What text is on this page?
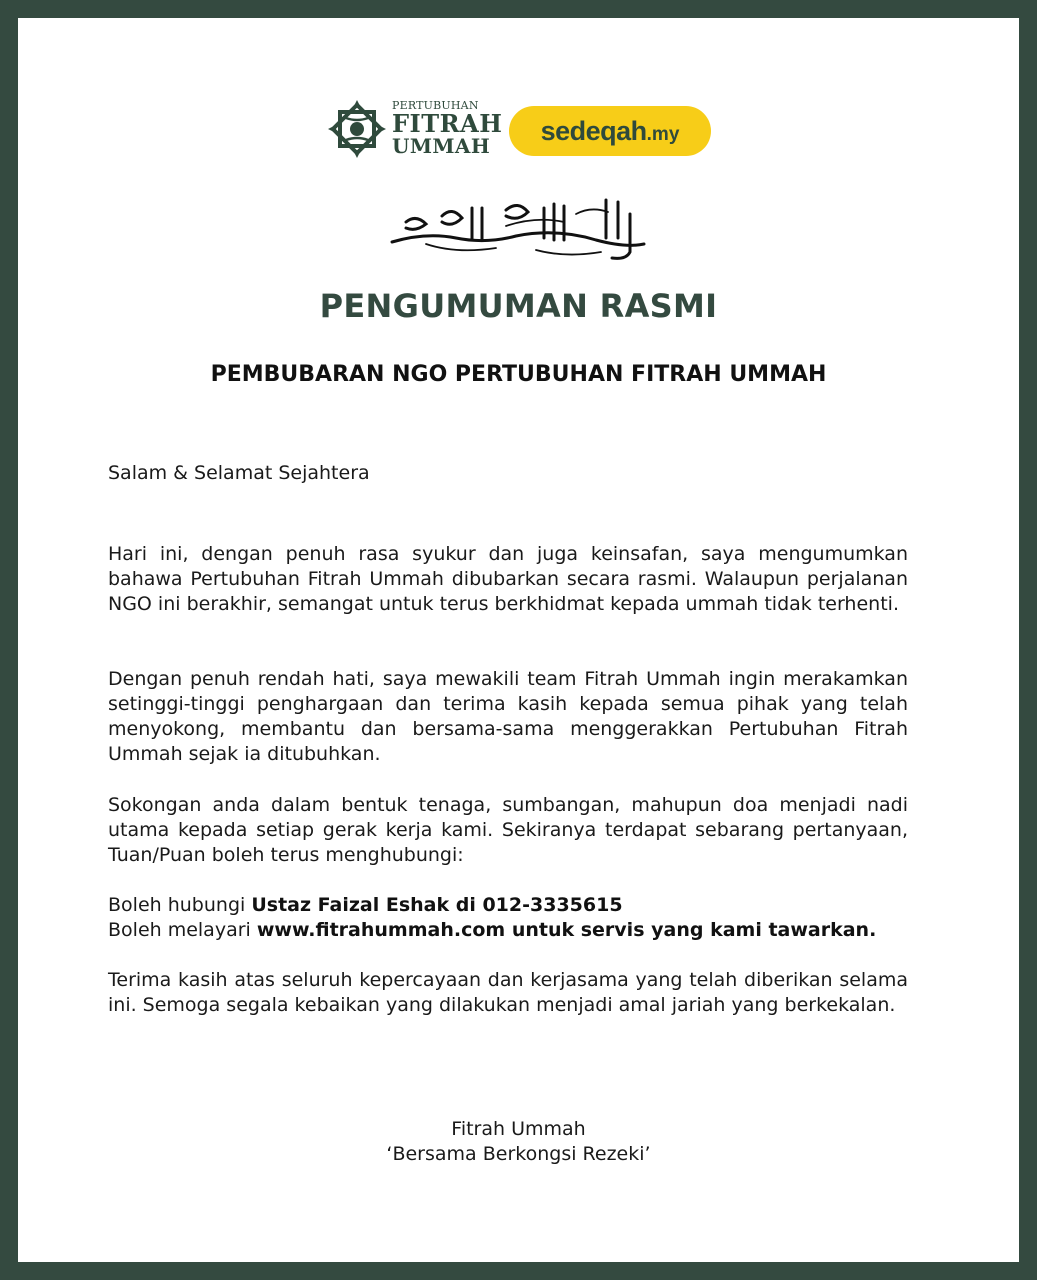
PERTUBUHAN
FITRAH
UMMAH	sedeqah.my
PENGUMUMAN RASMI
PEMBUBARAN NGO PERTUBUHAN FITRAH UMMAH

Salam & Selamat Sejahtera

Hari ini, dengan penuh rasa syukur dan juga keinsafan, saya mengumumkan bahawa Pertubuhan Fitrah Ummah dibubarkan secara rasmi. Walaupun perjalanan NGO ini berakhir, semangat untuk terus berkhidmat kepada ummah tidak terhenti.

Dengan penuh rendah hati, saya mewakili team Fitrah Ummah ingin merakamkan setinggi-tinggi penghargaan dan terima kasih kepada semua pihak yang telah menyokong, membantu dan bersama-sama menggerakkan Pertubuhan Fitrah Ummah sejak ia ditubuhkan.

Sokongan anda dalam bentuk tenaga, sumbangan, mahupun doa menjadi nadi utama kepada setiap gerak kerja kami. Sekiranya terdapat sebarang pertanyaan, Tuan/Puan boleh terus menghubungi:

Boleh hubungi Ustaz Faizal Eshak di 012-3335615
Boleh melayari www.fitrahummah.com untuk servis yang kami tawarkan.

Terima kasih atas seluruh kepercayaan dan kerjasama yang telah diberikan selama ini. Semoga segala kebaikan yang dilakukan menjadi amal jariah yang berkekalan.

Fitrah Ummah
‘Bersama Berkongsi Rezeki’
